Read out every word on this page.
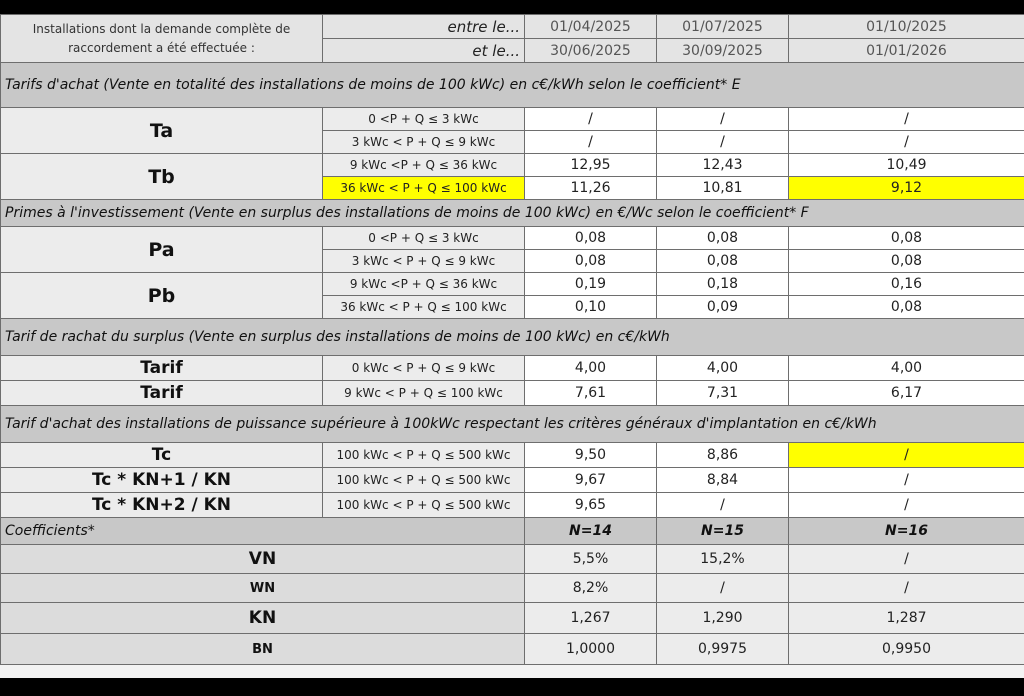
Installations dont la demande complète de raccordement a été effectuée :	entre le...	01/04/2025	01/07/2025	01/10/2025
	et le...	30/06/2025	30/09/2025	01/01/2026
Tarifs d'achat (Vente en totalité des installations de moins de 100 kWc) en c€/kWh selon le coefficient* E				
Ta	0 <P + Q ≤ 3 kWc	/	/	/
	3 kWc < P + Q ≤ 9 kWc	/	/	/
Tb	9 kWc <P + Q ≤ 36 kWc	12,95	12,43	10,49
	36 kWc < P + Q ≤ 100 kWc	11,26	10,81	9,12
Primes à l'investissement (Vente en surplus des installations de moins de 100 kWc) en €/Wc selon le coefficient* F				
Pa	0 <P + Q ≤ 3 kWc	0,08	0,08	0,08
	3 kWc < P + Q ≤ 9 kWc	0,08	0,08	0,08
Pb	9 kWc <P + Q ≤ 36 kWc	0,19	0,18	0,16
	36 kWc < P + Q ≤ 100 kWc	0,10	0,09	0,08
Tarif de rachat du surplus (Vente en surplus des installations de moins de 100 kWc) en c€/kWh				
Tarif	0 kWc < P + Q ≤ 9 kWc	4,00	4,00	4,00
Tarif	9 kWc < P + Q ≤ 100 kWc	7,61	7,31	6,17
Tarif d'achat des installations de puissance supérieure à 100kWc respectant les critères généraux d'implantation en c€/kWh				
Tc	100 kWc < P + Q ≤ 500 kWc	9,50	8,86	/
Tc * KN+1 / KN	100 kWc < P + Q ≤ 500 kWc	9,67	8,84	/
Tc * KN+2 / KN	100 kWc < P + Q ≤ 500 kWc	9,65	/	/
Coefficients*		N=14	N=15	N=16
VN		5,5%	15,2%	/
WN		8,2%	/	/
KN		1,267	1,290	1,287
BN		1,0000	0,9975	0,9950
